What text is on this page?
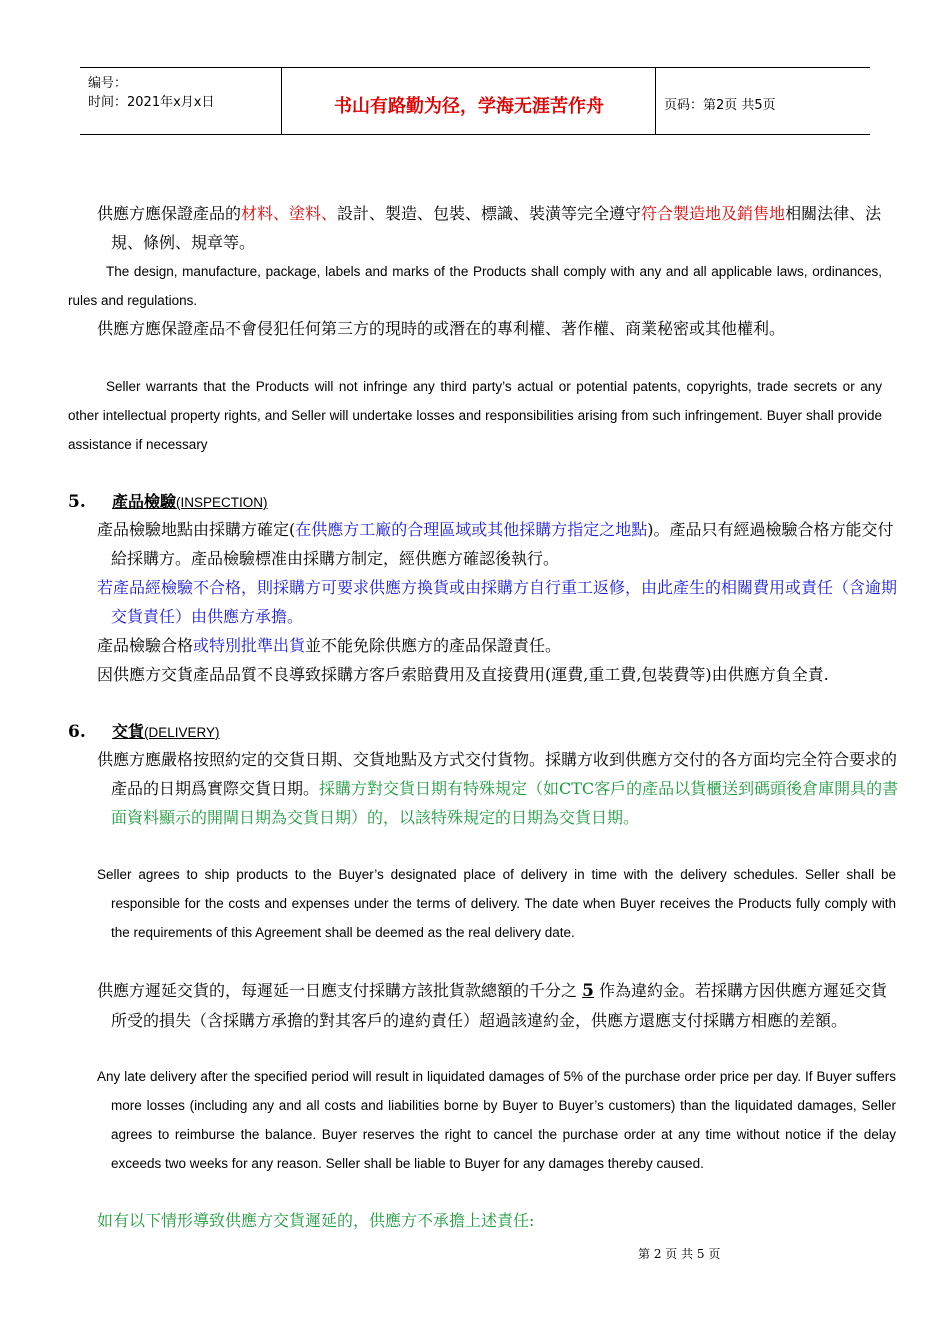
编号：
时间：2021年x月x日	书山有路勤为径，学海无涯苦作舟	页码：第2页 共5页

供應方應保證產品的材料、塗料、設計、製造、包裝、標識、裝潢等完全遵守符合製造地及銷售地相關法律、法規、條例、規章等。

The design, manufacture, package, labels and marks of the Products shall comply with any and all applicable laws, ordinances, rules and regulations.

供應方應保證產品不會侵犯任何第三方的現時的或潛在的專利權、著作權、商業秘密或其他權利。

Seller warrants that the Products will not infringe any third party’s actual or potential patents, copyrights, trade secrets or any other intellectual property rights, and Seller will undertake losses and responsibilities arising from such infringement. Buyer shall provide assistance if necessary

5. 產品檢驗(INSPECTION)

產品檢驗地點由採購方確定(在供應方工廠的合理區域或其他採購方指定之地點)。產品只有經過檢驗合格方能交付給採購方。產品檢驗標准由採購方制定，經供應方確認後執行。

若產品經檢驗不合格，則採購方可要求供應方換貨或由採購方自行重工返修，由此產生的相關費用或責任（含逾期交貨責任）由供應方承擔。

產品檢驗合格或特別批準出貨並不能免除供應方的產品保證責任。

因供應方交貨產品品質不良導致採購方客戶索賠費用及直接費用(運費,重工費,包裝費等)由供應方負全責.

6. 交貨(DELIVERY)

供應方應嚴格按照約定的交貨日期、交貨地點及方式交付貨物。採購方收到供應方交付的各方面均完全符合要求的產品的日期爲實際交貨日期。採購方對交貨日期有特殊規定（如CTC客戶的產品以貨櫃送到碼頭後倉庫開具的書面資料顯示的開閘日期為交貨日期）的，以該特殊規定的日期為交貨日期。

Seller agrees to ship products to the Buyer’s designated place of delivery in time with the delivery schedules. Seller shall be responsible for the costs and expenses under the terms of delivery. The date when Buyer receives the Products fully comply with the requirements of this Agreement shall be deemed as the real delivery date.

供應方遲延交貨的，每遲延一日應支付採購方該批貨款總額的千分之 5 作為違約金。若採購方因供應方遲延交貨所受的損失（含採購方承擔的對其客戶的違約責任）超過該違約金，供應方還應支付採購方相應的差額。

Any late delivery after the specified period will result in liquidated damages of 5% of the purchase order price per day. If Buyer suffers more losses (including any and all costs and liabilities borne by Buyer to Buyer’s customers) than the liquidated damages, Seller agrees to reimburse the balance. Buyer reserves the right to cancel the purchase order at any time without notice if the delay exceeds two weeks for any reason. Seller shall be liable to Buyer for any damages thereby caused.

如有以下情形導致供應方交貨遲延的，供應方不承擔上述責任:

第 2 页 共 5 页
